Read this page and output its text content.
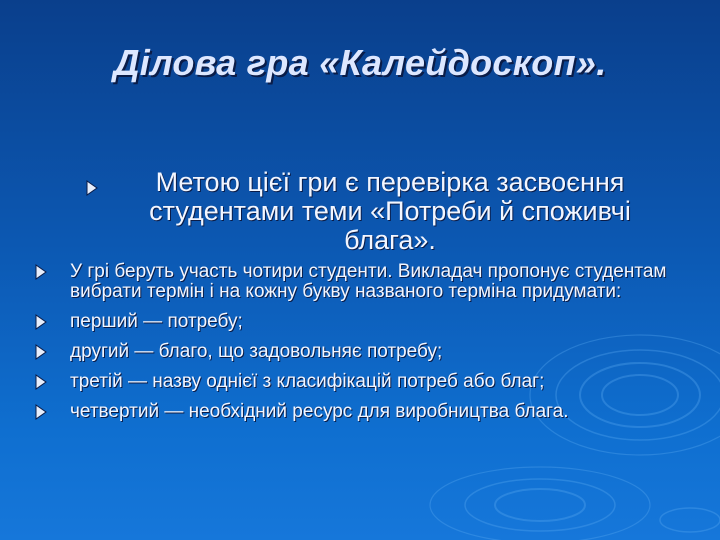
Ділова гра «Калейдоскоп».
Метою цієї гри є перевірка засвоєння студентами теми «Потреби й споживчі блага».
У грі беруть участь чотири студенти. Викладач пропонує студентам вибрати термін і на кожну букву названого терміна придумати:
перший — потребу;
другий — благо, що задовольняє потребу;
третій — назву однієї з класифікацій потреб або благ;
четвертий — необхідний ресурс для виробництва блага.
